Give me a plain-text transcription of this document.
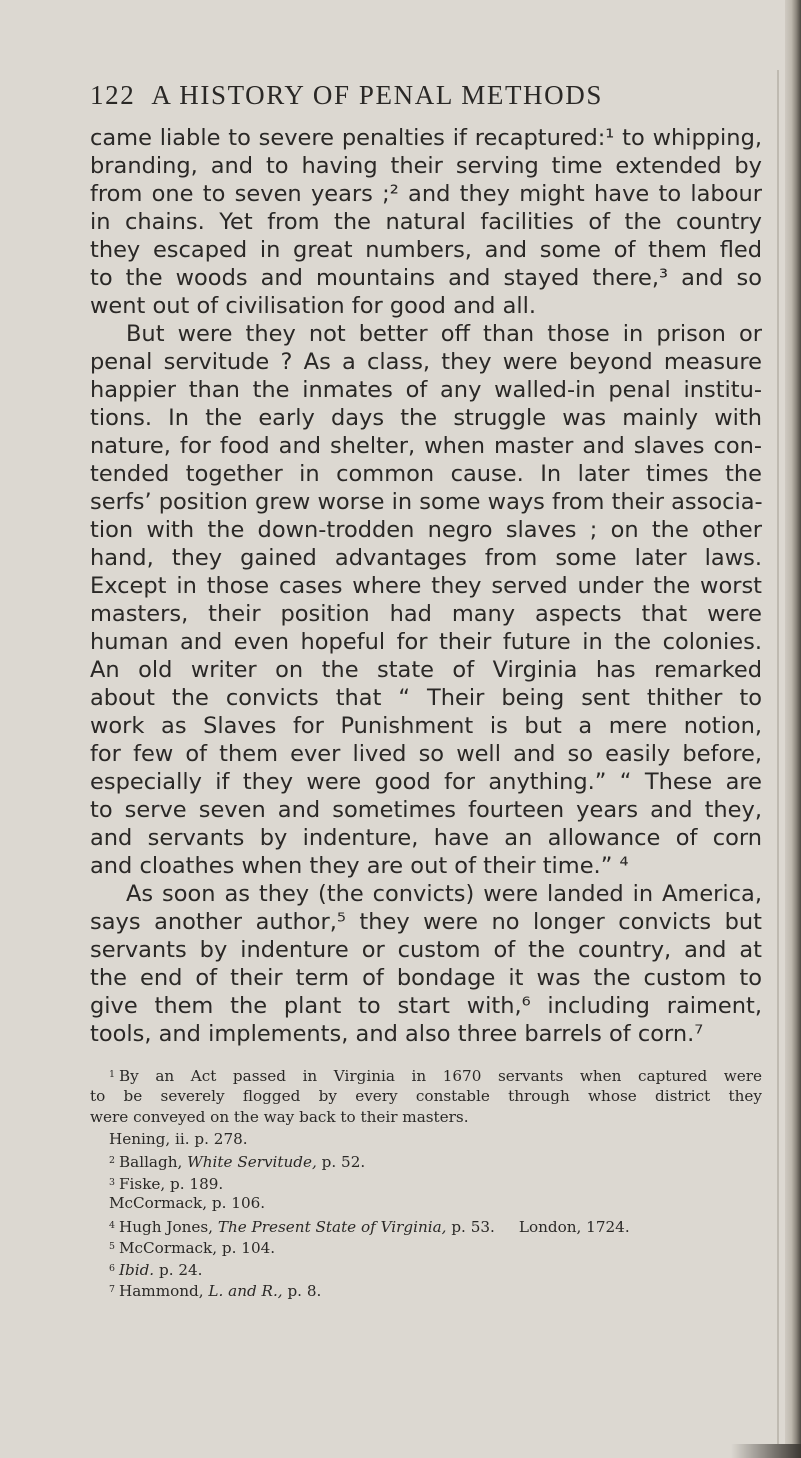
122 A HISTORY OF PENAL METHODS
came liable to severe penalties if recaptured:¹ to whipping,
branding, and to having their serving time extended by
from one to seven years ;² and they might have to labour
in chains. Yet from the natural facilities of the country
they escaped in great numbers, and some of them fled
to the woods and mountains and stayed there,³ and so
went out of civilisation for good and all.
But were they not better off than those in prison or
penal servitude ? As a class, they were beyond measure
happier than the inmates of any walled-in penal institu-
tions. In the early days the struggle was mainly with
nature, for food and shelter, when master and slaves con-
tended together in common cause. In later times the
serfs’ position grew worse in some ways from their associa-
tion with the down-trodden negro slaves ; on the other
hand, they gained advantages from some later laws.
Except in those cases where they served under the worst
masters, their position had many aspects that were
human and even hopeful for their future in the colonies.
An old writer on the state of Virginia has remarked
about the convicts that “ Their being sent thither to
work as Slaves for Punishment is but a mere notion,
for few of them ever lived so well and so easily before,
especially if they were good for anything.” “ These are
to serve seven and sometimes fourteen years and they,
and servants by indenture, have an allowance of corn
and cloathes when they are out of their time.” ⁴
As soon as they (the convicts) were landed in America,
says another author,⁵ they were no longer convicts but
servants by indenture or custom of the country, and at
the end of their term of bondage it was the custom to
give them the plant to start with,⁶ including raiment,
tools, and implements, and also three barrels of corn.⁷
$^1$ By an Act passed in Virginia in 1670 servants when captured were
to be severely flogged by every constable through whose district they
were conveyed on the way back to their masters.
Hening, ii. p. 278.
$^2$ Ballagh, White Servitude, p. 52.
$^3$ Fiske, p. 189.
McCormack, p. 106.
$^4$ Hugh Jones, The Present State of Virginia, p. 53. London, 1724.
$^5$ McCormack, p. 104.
$^6$ Ibid. p. 24.
$^7$ Hammond, L. and R., p. 8.
